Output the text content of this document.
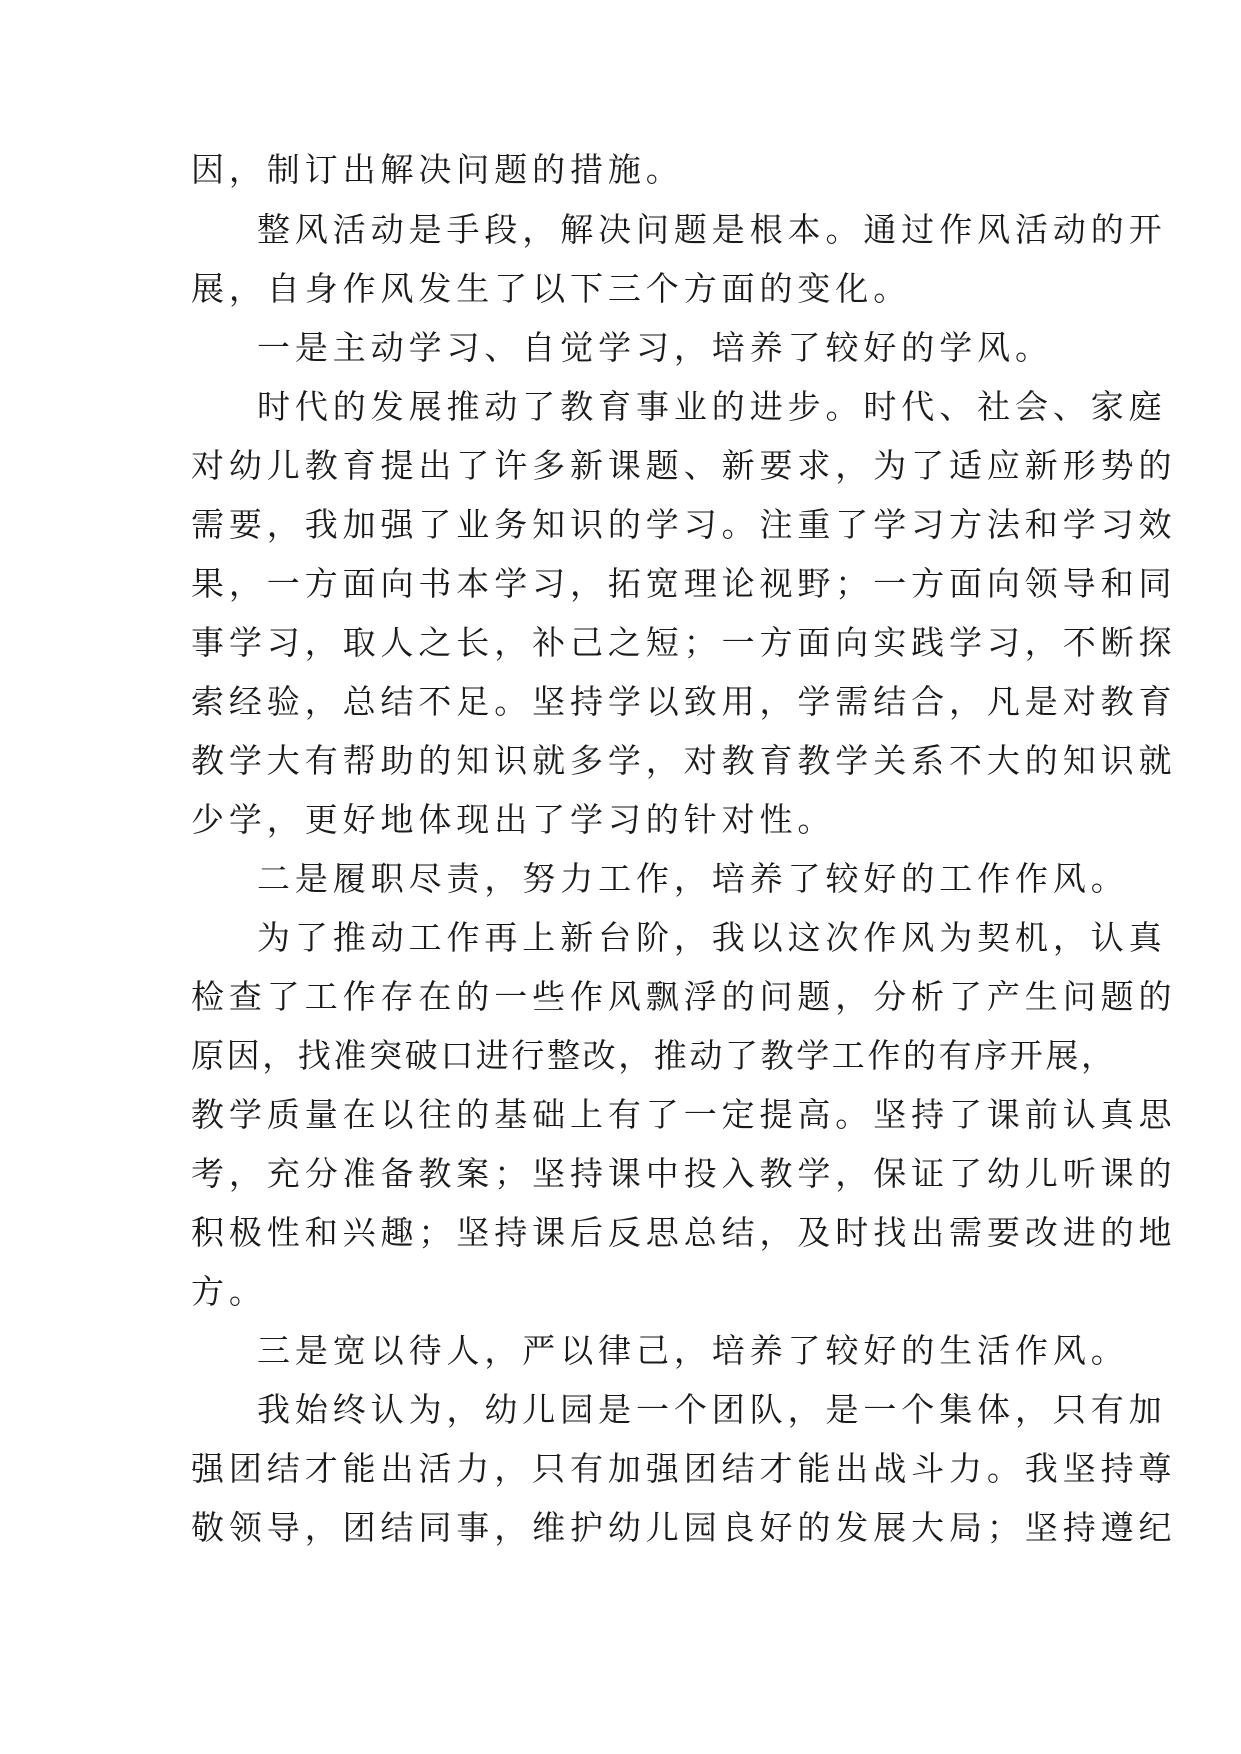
因，制订出解决问题的措施。

整风活动是手段，解决问题是根本。通过作风活动的开

展，自身作风发生了以下三个方面的变化。

一是主动学习、自觉学习，培养了较好的学风。

时代的发展推动了教育事业的进步。时代、社会、家庭

对幼儿教育提出了许多新课题、新要求，为了适应新形势的

需要，我加强了业务知识的学习。注重了学习方法和学习效

果，一方面向书本学习，拓宽理论视野；一方面向领导和同

事学习，取人之长，补己之短；一方面向实践学习，不断探

索经验，总结不足。坚持学以致用，学需结合，凡是对教育

教学大有帮助的知识就多学，对教育教学关系不大的知识就

少学，更好地体现出了学习的针对性。

二是履职尽责，努力工作，培养了较好的工作作风。

为了推动工作再上新台阶，我以这次作风为契机，认真

检查了工作存在的一些作风飘浮的问题，分析了产生问题的

原因，找准突破口进行整改，推动了教学工作的有序开展，

教学质量在以往的基础上有了一定提高。坚持了课前认真思

考，充分准备教案；坚持课中投入教学，保证了幼儿听课的

积极性和兴趣；坚持课后反思总结，及时找出需要改进的地

方。

三是宽以待人，严以律己，培养了较好的生活作风。

我始终认为，幼儿园是一个团队，是一个集体，只有加

强团结才能出活力，只有加强团结才能出战斗力。我坚持尊

敬领导，团结同事，维护幼儿园良好的发展大局；坚持遵纪
